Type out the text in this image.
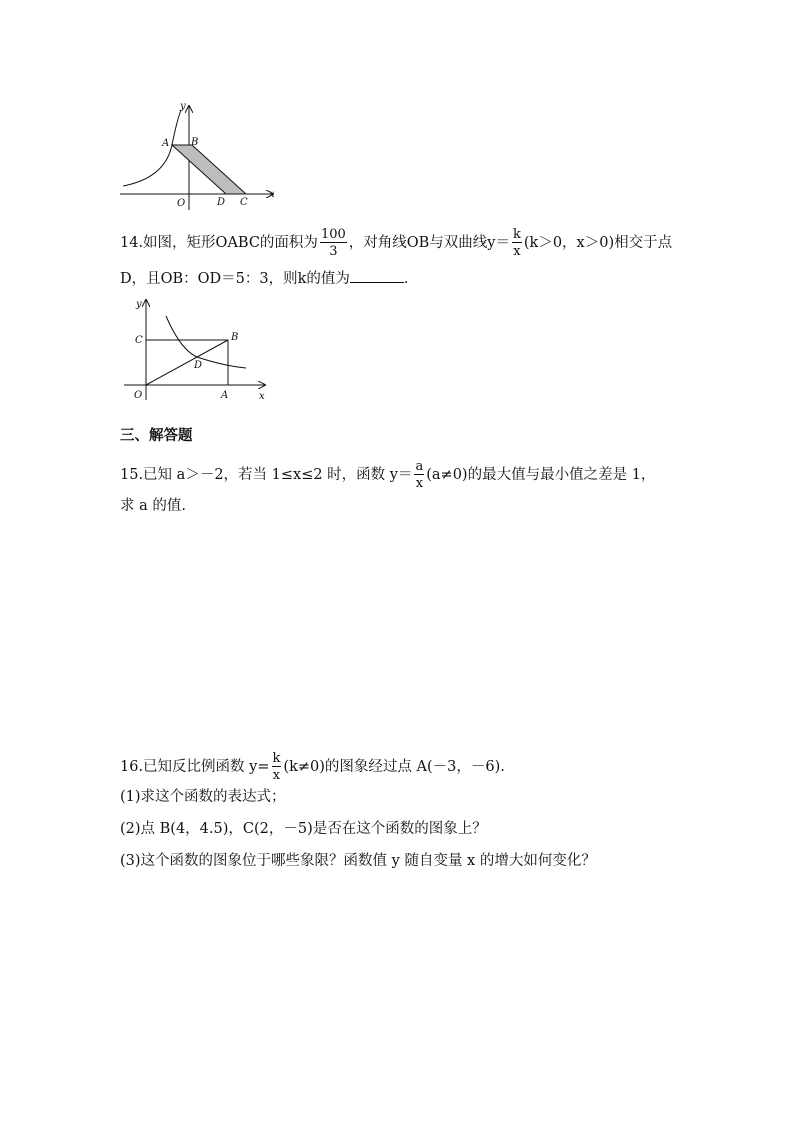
y
x
A B
O	D C
14.如图，矩形OABC的面积为 $\frac{100}{3}$ ，对角线OB与双曲线$y= \frac{k}{x} (k>0$，x＞0)相交于点
D，且OB：OD＝5：3，则k的值为	.
y
x
C	B
D
O	A
三、解答题
15.已知 a＞－2，若当 1≤x≤2 时，函数 $y= \frac{a}{x} (a\ne 0)$的最大值与最小值之差是 1，
求 a 的值.
16.已知反比例函数 $y= \frac{k}{x} (k\ne 0)$的图象经过点 A(－3，－6).
(1)求这个函数的表达式；
(2)点 B(4，4.5)，C(2，－5)是否在这个函数的图象上？
(3)这个函数的图象位于哪些象限？函数值 y 随自变量 x 的增大如何变化？
